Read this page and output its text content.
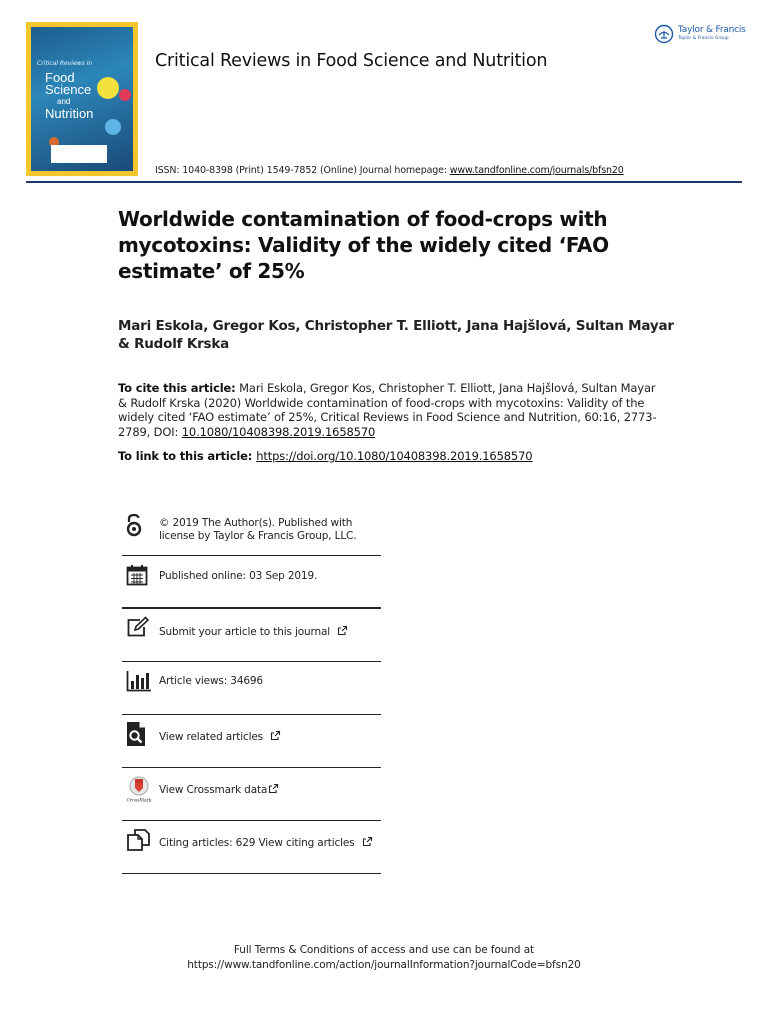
Critical Reviews in
Food
Science
and
Nutrition
Critical Reviews in Food Science and Nutrition
Taylor & Francis
Taylor & Francis Group
ISSN: 1040-8398 (Print) 1549-7852 (Online) Journal homepage: www.tandfonline.com/journals/bfsn20
Worldwide contamination of food-crops with mycotoxins: Validity of the widely cited ‘FAO estimate’ of 25%
Mari Eskola, Gregor Kos, Christopher T. Elliott, Jana Hajšlová, Sultan Mayar & Rudolf Krska
To cite this article: Mari Eskola, Gregor Kos, Christopher T. Elliott, Jana Hajšlová, Sultan Mayar & Rudolf Krska (2020) Worldwide contamination of food-crops with mycotoxins: Validity of the widely cited ‘FAO estimate’ of 25%, Critical Reviews in Food Science and Nutrition, 60:16, 2773-2789, DOI: 10.1080/10408398.2019.1658570
To link to this article: https://doi.org/10.1080/10408398.2019.1658570
© 2019 The Author(s). Published with license by Taylor & Francis Group, LLC.
Published online: 03 Sep 2019.
Submit your article to this journal
Article views: 34696
View related articles
CrossMark
View Crossmark data
Citing articles: 629 View citing articles
Full Terms & Conditions of access and use can be found at
https://www.tandfonline.com/action/journalInformation?journalCode=bfsn20
